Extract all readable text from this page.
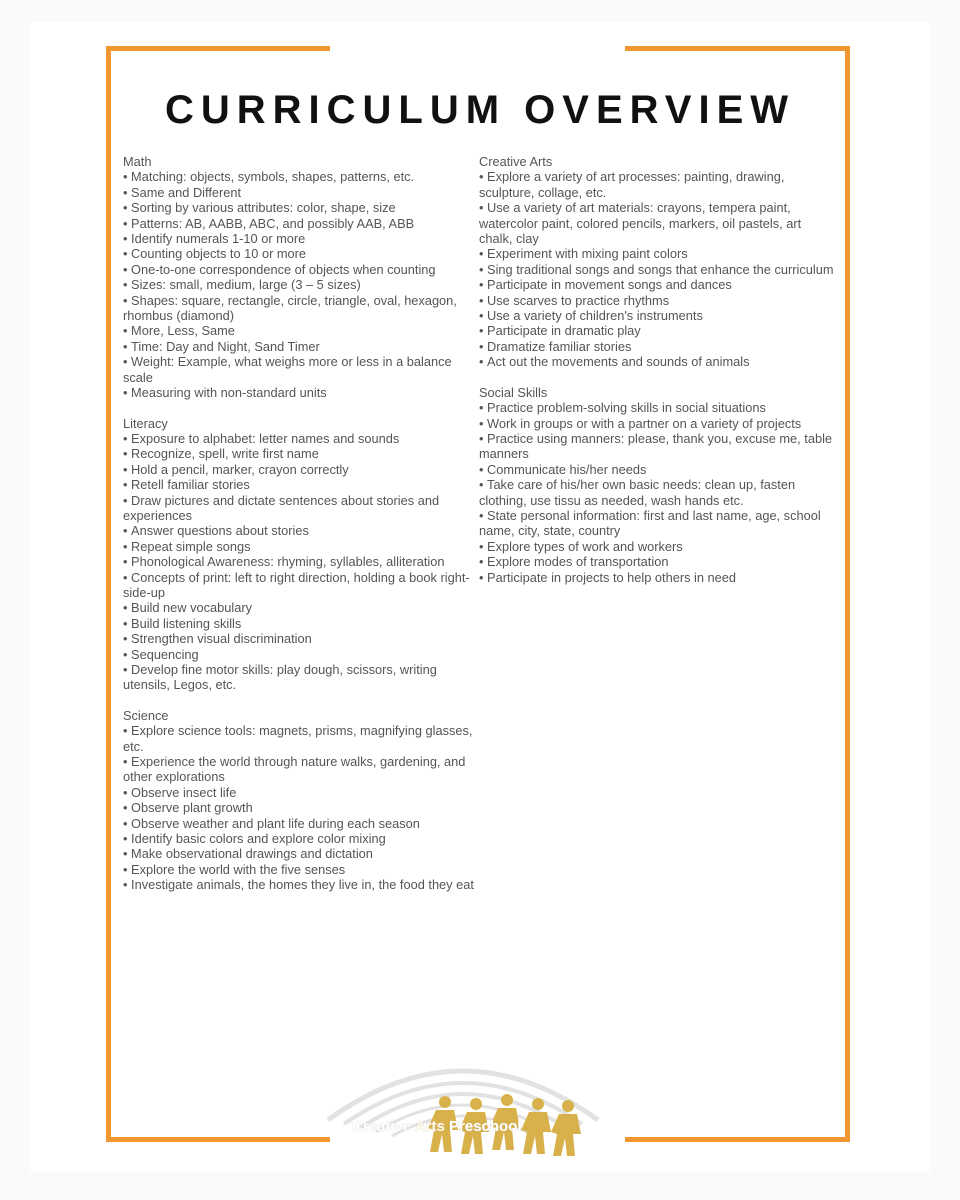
CURRICULUM OVERVIEW
Math
• Matching: objects, symbols, shapes, patterns, etc.
• Same and Different
• Sorting by various attributes: color, shape, size
• Patterns: AB, AABB, ABC, and possibly AAB, ABB
• Identify numerals 1-10 or more
• Counting objects to 10 or more
• One-to-one correspondence of objects when counting
• Sizes: small, medium, large (3 – 5 sizes)
• Shapes: square, rectangle, circle, triangle, oval, hexagon, rhombus (diamond)
• More, Less, Same
• Time: Day and Night, Sand Timer
• Weight: Example, what weighs more or less in a balance scale
• Measuring with non-standard units
Literacy
• Exposure to alphabet: letter names and sounds
• Recognize, spell, write first name
• Hold a pencil, marker, crayon correctly
• Retell familiar stories
• Draw pictures and dictate sentences about stories and experiences
• Answer questions about stories
• Repeat simple songs
• Phonological Awareness: rhyming, syllables, alliteration
• Concepts of print: left to right direction, holding a book right-side-up
• Build new vocabulary
• Build listening skills
• Strengthen visual discrimination
• Sequencing
• Develop fine motor skills: play dough, scissors, writing utensils, Legos, etc.
Science
• Explore science tools: magnets, prisms, magnifying glasses, etc.
• Experience the world through nature walks, gardening, and other explorations
• Observe insect life
• Observe plant growth
• Observe weather and plant life during each season
• Identify basic colors and explore color mixing
• Make observational drawings and dictation
• Explore the world with the five senses
• Investigate animals, the homes they live in, the food they eat
Creative Arts
• Explore a variety of art processes: painting, drawing, sculpture, collage, etc.
• Use a variety of art materials: crayons, tempera paint, watercolor paint, colored pencils, markers, oil pastels, art chalk, clay
• Experiment with mixing paint colors
• Sing traditional songs and songs that enhance the curriculum
• Participate in movement songs and dances
• Use scarves to practice rhythms
• Use a variety of children's instruments
• Participate in dramatic play
• Dramatize familiar stories
• Act out the movements and sounds of animals
Social Skills
• Practice problem-solving skills in social situations
• Work in groups or with a partner on a variety of projects
• Practice using manners: please, thank you, excuse me, table manners
• Communicate his/her needs
• Take care of his/her own basic needs: clean up, fasten clothing, use tissu as needed, wash hands etc.
• State personal information: first and last name, age, school name, city, state, country
• Explore types of work and workers
• Explore modes of transportation
• Participate in projects to help others in need
Creative Arts Preschool
